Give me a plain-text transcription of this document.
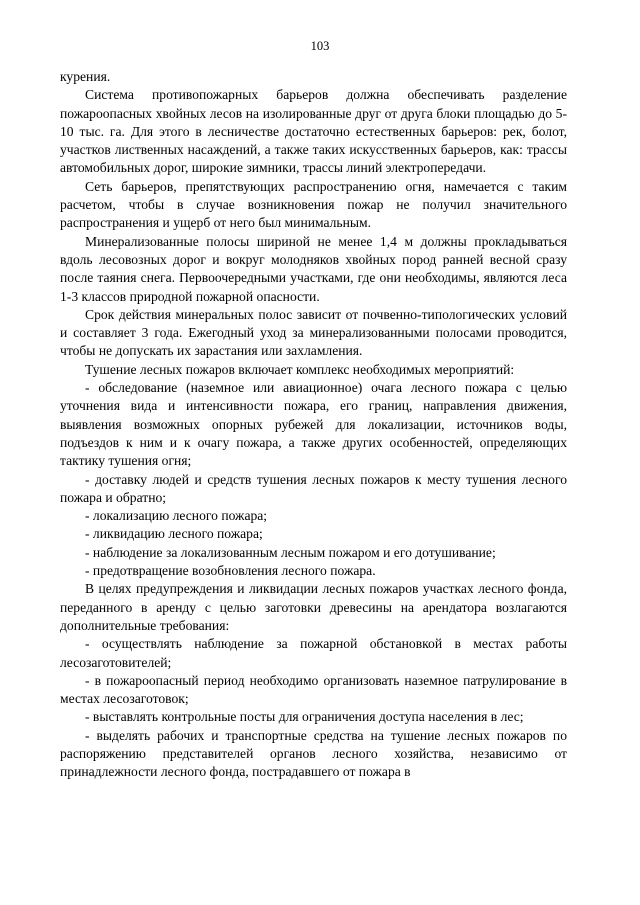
103

курения.

Система противопожарных барьеров должна обеспечивать разделение пожароопасных хвойных лесов на изолированные друг от друга блоки площадью до 5-10 тыс. га. Для этого в лесничестве достаточно естественных барьеров: рек, болот, участков лиственных насаждений, а также таких искусственных барьеров, как: трассы автомобильных дорог, широкие зимники, трассы линий электропередачи.

Сеть барьеров, препятствующих распространению огня, намечается с таким расчетом, чтобы в случае возникновения пожар не получил значительного распространения и ущерб от него был минимальным.

Минерализованные полосы шириной не менее 1,4 м должны прокладываться вдоль лесовозных дорог и вокруг молодняков хвойных пород ранней весной сразу после таяния снега. Первоочередными участками, где они необходимы, являются леса 1-3 классов природной пожарной опасности.

Срок действия минеральных полос зависит от почвенно-типологических условий и составляет 3 года. Ежегодный уход за минерализованными полосами проводится, чтобы не допускать их зарастания или захламления.

Тушение лесных пожаров включает комплекс необходимых мероприятий:

- обследование (наземное или авиационное) очага лесного пожара с целью уточнения вида и интенсивности пожара, его границ, направления движения, выявления возможных опорных рубежей для локализации, источников воды, подъездов к ним и к очагу пожара, а также других особенностей, определяющих тактику тушения огня;

- доставку людей и средств тушения лесных пожаров к месту тушения лесного пожара и обратно;

- локализацию лесного пожара;

- ликвидацию лесного пожара;

- наблюдение за локализованным лесным пожаром и его дотушивание;

- предотвращение возобновления лесного пожара.

В целях предупреждения и ликвидации лесных пожаров участках лесного фонда, переданного в аренду с целью заготовки древесины на арендатора возлагаются дополнительные требования:

- осуществлять наблюдение за пожарной обстановкой в местах работы лесозаготовителей;

- в пожароопасный период необходимо организовать наземное патрулирование в местах лесозаготовок;

- выставлять контрольные посты для ограничения доступа населения в лес;

- выделять рабочих и транспортные средства на тушение лесных пожаров по распоряжению представителей органов лесного хозяйства, независимо от принадлежности лесного фонда, пострадавшего от пожара в
